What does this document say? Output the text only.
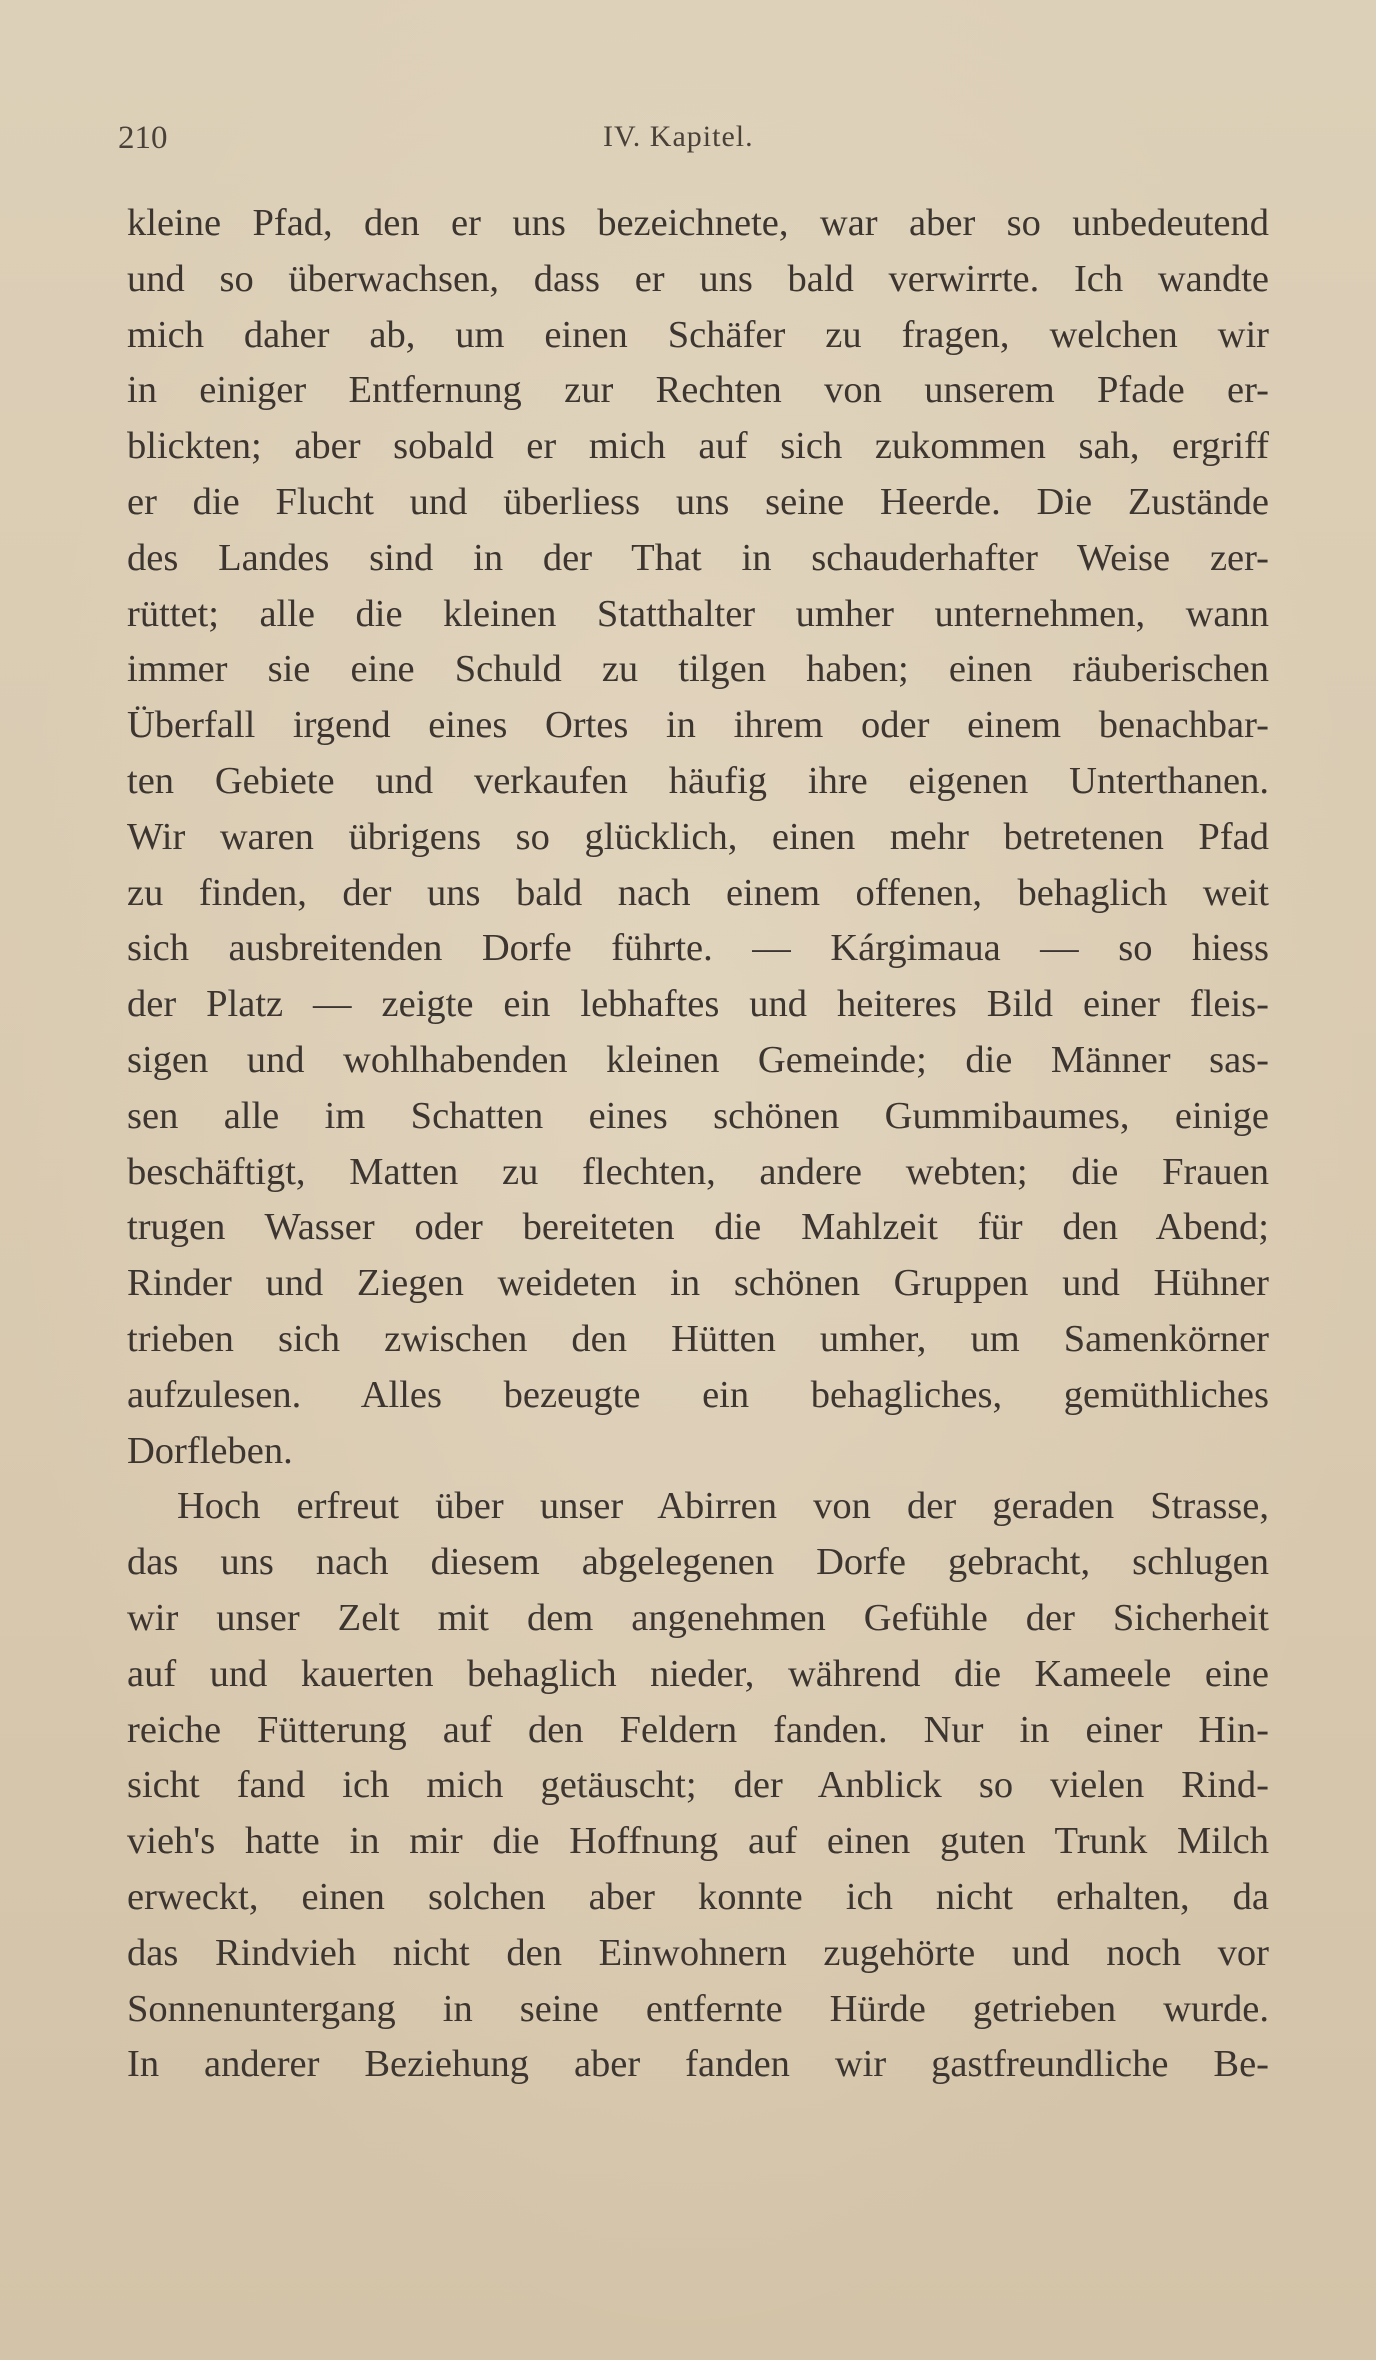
210	IV. Kapitel.
kleine Pfad, den er uns bezeichnete, war aber so unbedeutend
und so überwachsen, dass er uns bald verwirrte. Ich wandte
mich daher ab, um einen Schäfer zu fragen, welchen wir
in einiger Entfernung zur Rechten von unserem Pfade er-
blickten; aber sobald er mich auf sich zukommen sah, ergriff
er die Flucht und überliess uns seine Heerde. Die Zustände
des Landes sind in der That in schauderhafter Weise zer-
rüttet; alle die kleinen Statthalter umher unternehmen, wann
immer sie eine Schuld zu tilgen haben; einen räuberischen
Überfall irgend eines Ortes in ihrem oder einem benachbar-
ten Gebiete und verkaufen häufig ihre eigenen Unterthanen.
Wir waren übrigens so glücklich, einen mehr betretenen Pfad
zu finden, der uns bald nach einem offenen, behaglich weit
sich ausbreitenden Dorfe führte. — Kárgimaua — so hiess
der Platz — zeigte ein lebhaftes und heiteres Bild einer fleis-
sigen und wohlhabenden kleinen Gemeinde; die Männer sas-
sen alle im Schatten eines schönen Gummibaumes, einige
beschäftigt, Matten zu flechten, andere webten; die Frauen
trugen Wasser oder bereiteten die Mahlzeit für den Abend;
Rinder und Ziegen weideten in schönen Gruppen und Hühner
trieben sich zwischen den Hütten umher, um Samenkörner
aufzulesen. Alles bezeugte ein behagliches, gemüthliches
Dorfleben.
Hoch erfreut über unser Abirren von der geraden Strasse,
das uns nach diesem abgelegenen Dorfe gebracht, schlugen
wir unser Zelt mit dem angenehmen Gefühle der Sicherheit
auf und kauerten behaglich nieder, während die Kameele eine
reiche Fütterung auf den Feldern fanden. Nur in einer Hin-
sicht fand ich mich getäuscht; der Anblick so vielen Rind-
vieh's hatte in mir die Hoffnung auf einen guten Trunk Milch
erweckt, einen solchen aber konnte ich nicht erhalten, da
das Rindvieh nicht den Einwohnern zugehörte und noch vor
Sonnenuntergang in seine entfernte Hürde getrieben wurde.
In anderer Beziehung aber fanden wir gastfreundliche Be-
